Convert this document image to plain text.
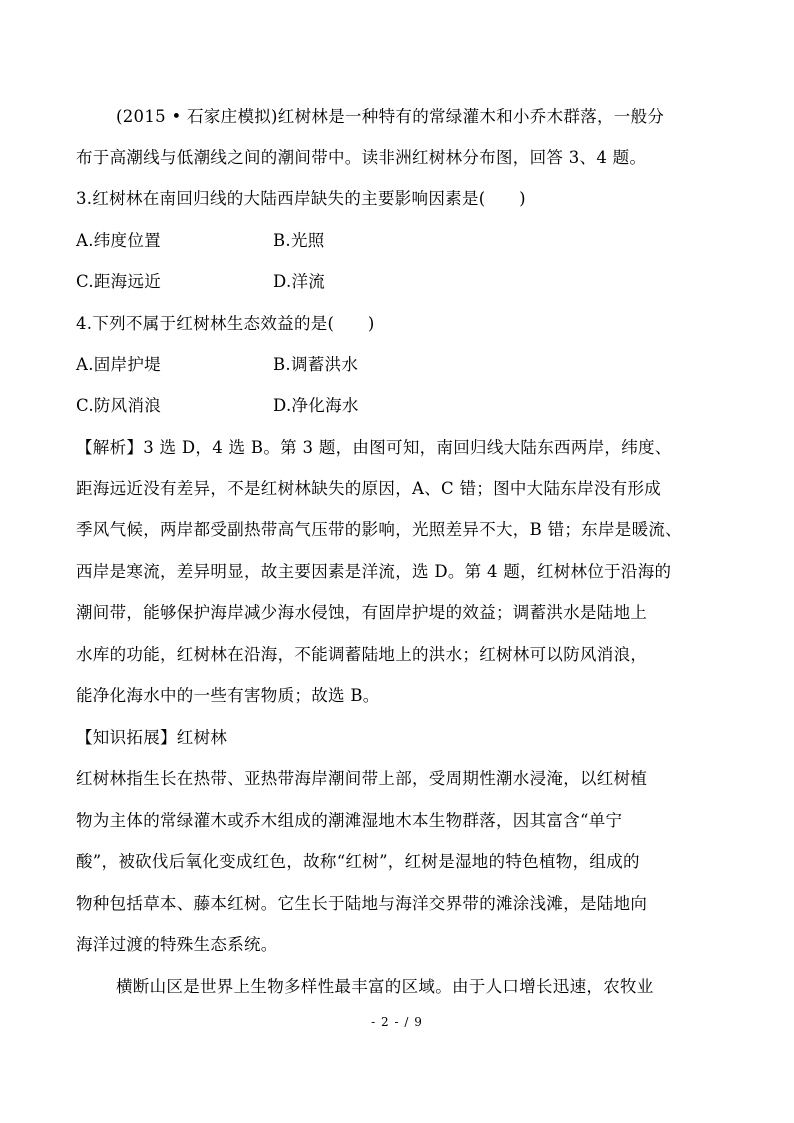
(2015 • 石家庄模拟)红树林是一种特有的常绿灌木和小乔木群落，一般分
布于高潮线与低潮线之间的潮间带中。读非洲红树林分布图，回答 3、4 题。
3.红树林在南回归线的大陆西岸缺失的主要影响因素是(　　)
A.纬度位置	B.光照
C.距海远近	D.洋流
4.下列不属于红树林生态效益的是(　　)
A.固岸护堤	B.调蓄洪水
C.防风消浪	D.净化海水
【解析】3 选 D，4 选 B。第 3 题，由图可知，南回归线大陆东西两岸，纬度、
距海远近没有差异，不是红树林缺失的原因，A、C 错；图中大陆东岸没有形成
季风气候，两岸都受副热带高气压带的影响，光照差异不大，B 错；东岸是暖流、
西岸是寒流，差异明显，故主要因素是洋流，选 D。第 4 题，红树林位于沿海的
潮间带，能够保护海岸减少海水侵蚀，有固岸护堤的效益；调蓄洪水是陆地上
水库的功能，红树林在沿海，不能调蓄陆地上的洪水；红树林可以防风消浪，
能净化海水中的一些有害物质；故选 B。
【知识拓展】红树林
红树林指生长在热带、亚热带海岸潮间带上部，受周期性潮水浸淹，以红树植
物为主体的常绿灌木或乔木组成的潮滩湿地木本生物群落，因其富含“单宁
酸”，被砍伐后氧化变成红色，故称“红树”，红树是湿地的特色植物，组成的
物种包括草本、藤本红树。它生长于陆地与海洋交界带的滩涂浅滩，是陆地向
海洋过渡的特殊生态系统。
横断山区是世界上生物多样性最丰富的区域。由于人口增长迅速，农牧业
- 2 - / 9
